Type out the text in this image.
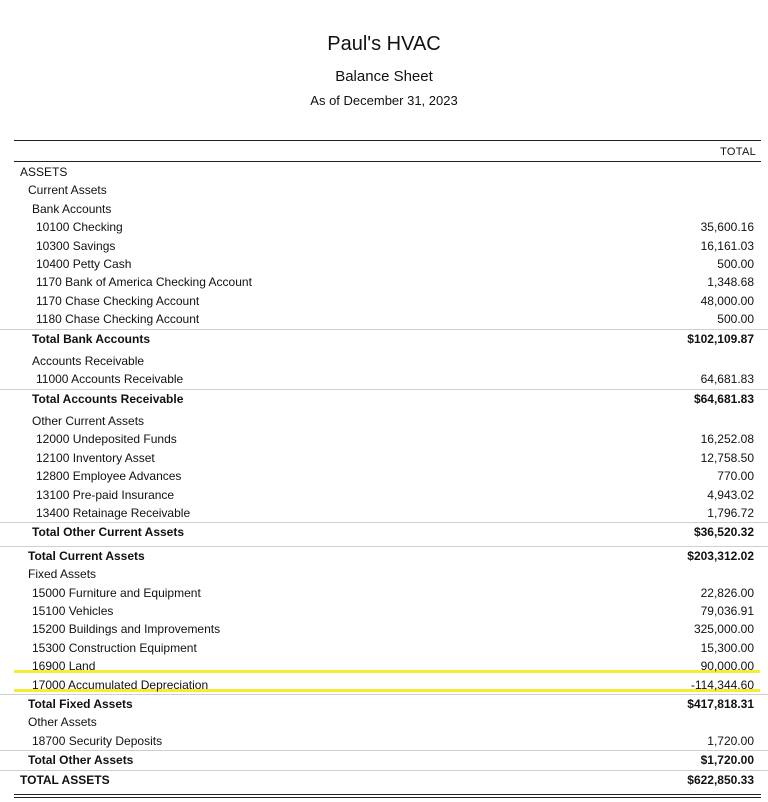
Paul's HVAC
Balance Sheet
As of December 31, 2023
TOTAL
ASSETS
Current Assets
Bank Accounts
10100 Checking	35,600.16
10300 Savings	16,161.03
10400 Petty Cash	500.00
1170 Bank of America Checking Account	1,348.68
1170 Chase Checking Account	48,000.00
1180 Chase Checking Account	500.00
Total Bank Accounts	$102,109.87
Accounts Receivable
11000 Accounts Receivable	64,681.83
Total Accounts Receivable	$64,681.83
Other Current Assets
12000 Undeposited Funds	16,252.08
12100 Inventory Asset	12,758.50
12800 Employee Advances	770.00
13100 Pre-paid Insurance	4,943.02
13400 Retainage Receivable	1,796.72
Total Other Current Assets	$36,520.32
Total Current Assets	$203,312.02
Fixed Assets
15000 Furniture and Equipment	22,826.00
15100 Vehicles	79,036.91
15200 Buildings and Improvements	325,000.00
15300 Construction Equipment	15,300.00
16900 Land	90,000.00
17000 Accumulated Depreciation	-114,344.60
Total Fixed Assets	$417,818.31
Other Assets
18700 Security Deposits	1,720.00
Total Other Assets	$1,720.00
TOTAL ASSETS	$622,850.33
